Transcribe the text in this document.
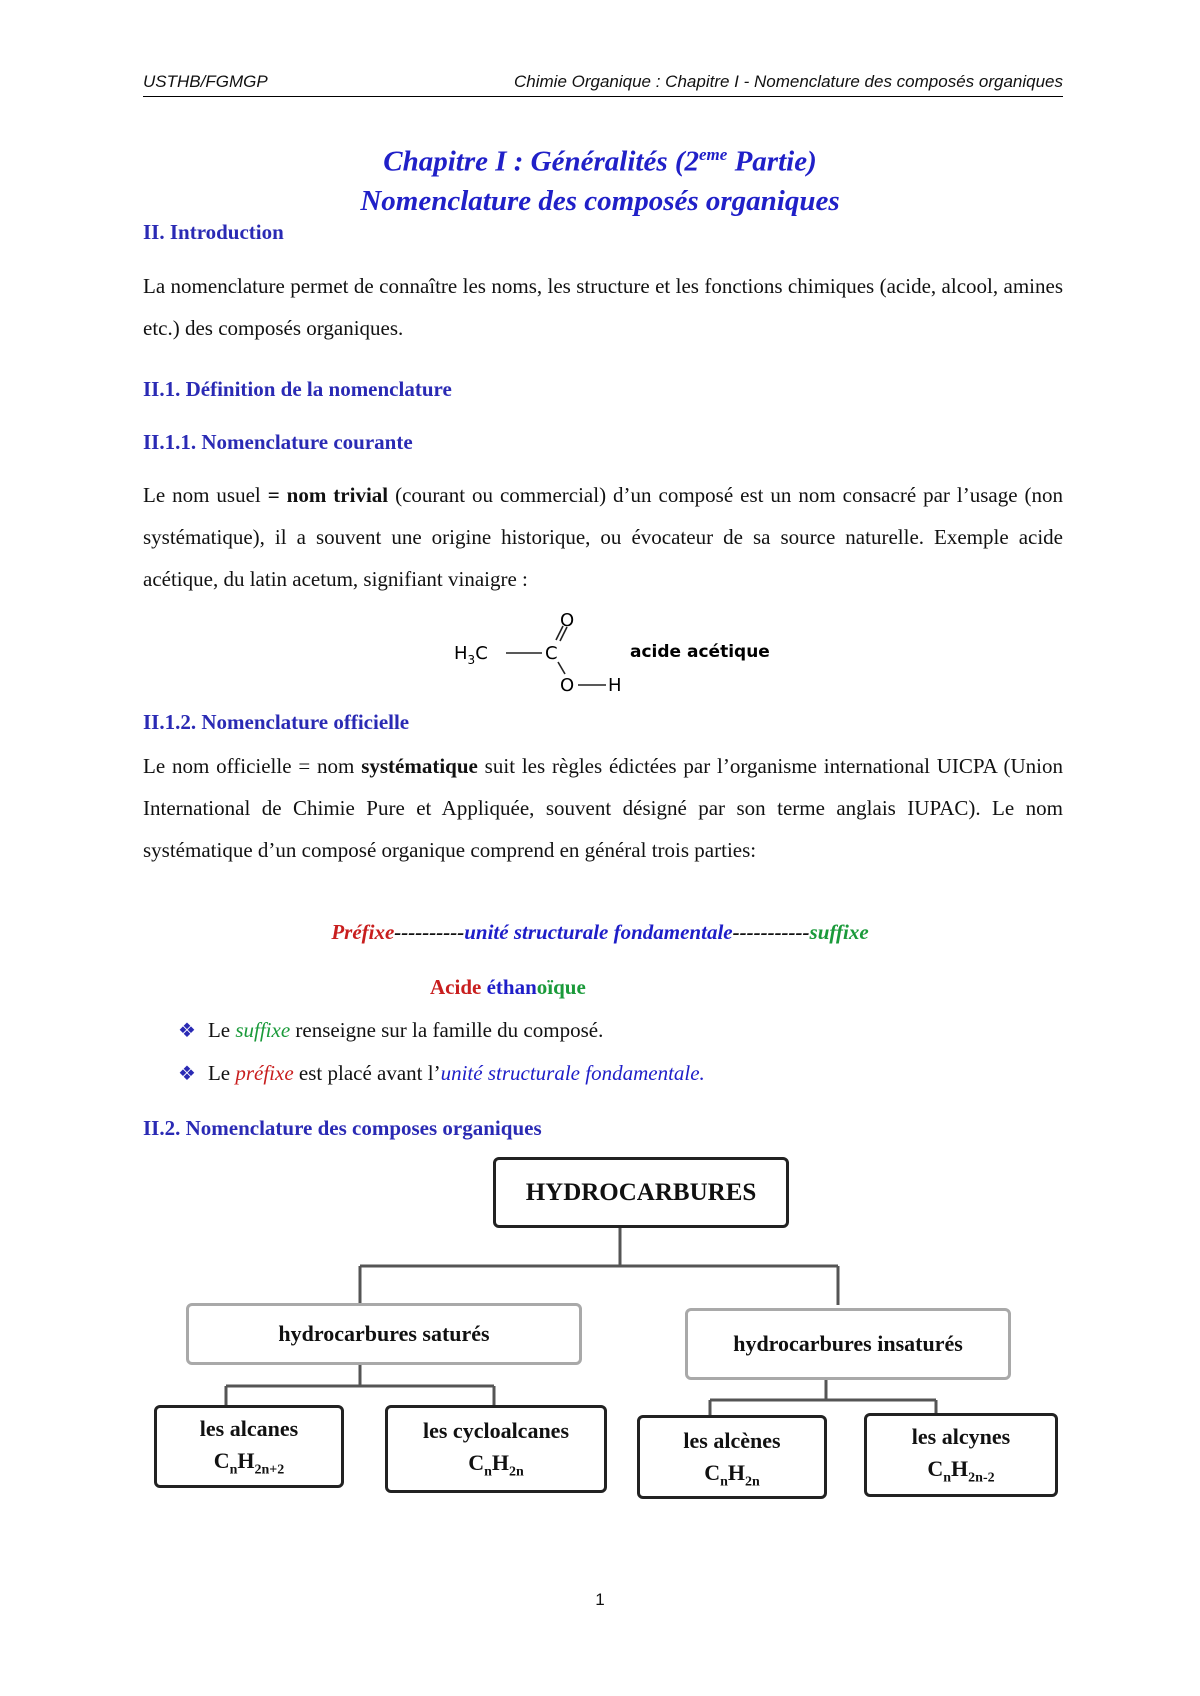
USTHB/FGMGP	Chimie Organique : Chapitre I - Nomenclature des composés organiques
Chapitre I : Généralités (2eme Partie)
Nomenclature des composés organiques
II. Introduction
La nomenclature permet de connaître les noms, les structure et les fonctions chimiques (acide, alcool, amines etc.) des composés organiques.
II.1. Définition de la nomenclature
II.1.1. Nomenclature courante
Le nom usuel = nom trivial (courant ou commercial) d’un composé est un nom consacré par l’usage (non systématique), il a souvent une origine historique, ou évocateur de sa source naturelle. Exemple acide acétique, du latin acetum, signifiant vinaigre :
$H_3C$	C
O
O H
acide acétique
II.1.2. Nomenclature officielle
Le nom officielle = nom systématique suit les règles édictées par l’organisme international UICPA (Union International de Chimie Pure et Appliquée, souvent désigné par son terme anglais IUPAC). Le nom systématique d’un composé organique comprend en général trois parties:
Préfixe----------unité structurale fondamentale-----------suffixe
Acide éthanoïque
❖ Le suffixe renseigne sur la famille du composé.
❖ Le préfixe est placé avant l’unité structurale fondamentale.
II.2. Nomenclature des composes organiques
HYDROCARBURES
hydrocarbures saturés	hydrocarbures insaturés
les alcanes
$C_nH_{2n+2}$
les cycloalcanes
$C_nH_{2n}$
les alcènes
$C_nH_{2n}$
les alcynes
$C_nH_{2n-2}$
1
